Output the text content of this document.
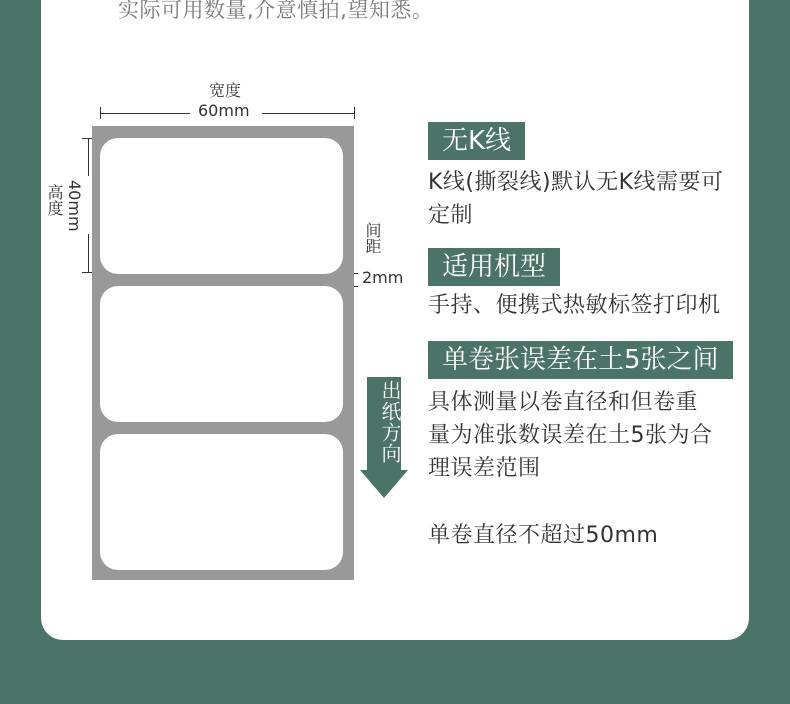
实际可用数量,介意慎拍,望知悉。
宽度
60mm
40mm
高度
间距
2mm
出纸方向
无K线
K线(撕裂线)默认无K线需要可
定制
适用机型
手持、便携式热敏标签打印机
单卷张误差在土5张之间
具体测量以卷直径和但卷重
量为准张数误差在土5张为合
理误差范围
单卷直径不超过50mm
